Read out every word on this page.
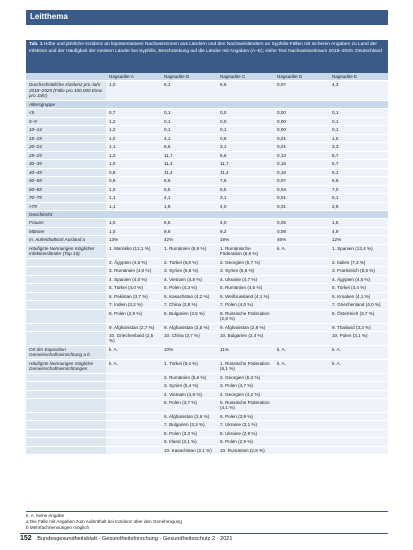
Leitthema
Tab. 1 Höhe und jährliche Inzidenz an lepräsentativen Nachweiszonen aus Ländern und den Nachweisländern an Syphilis-Fällen mit sicheren Angaben zu Land der Infektion und der Häufigkeit der meisten Länder bei Syphilis, Beschränkung auf die Länder mit Angaben (A–E); siehe Text Nachweiszeitraum 2018–2020, Deutschland
	Nagsadite A	Nagsadite B	Nagsadite C	Nagsadite D	Nagsadite E
Durchschnittliche Inzidenz pro Jahr 2018–2020 (Fälle pro 100.000 Einw. pro Jahr)	1,0	8,1	6,6	0,07	4,3
Altersgruppe					
<5	0,7	0,1	0,0	0,00	0,1
5–9	1,2	0,1	0,0	0,00	0,1
10–14	1,2	0,1	0,1	0,00	0,1
15–19	1,0	4,1	0,8	0,01	1,5
20–24	1,1	8,6	3,1	0,01	3,3
25–29	1,3	11,7	6,6	0,13	5,7
30–39	1,0	11,4	11,7	0,16	5,7
40–49	0,8	11,4	11,4	0,16	5,1
50–59	0,9	8,6	7,6	0,07	6,8
60–69	1,0	6,5	5,5	0,04	7,0
70–79	1,1	4,1	3,1	0,01	5,1
>79	1,1	1,9	4,0	0,01	2,9
Geschlecht					
Frauen	1,0	6,5	4,0	0,05	1,5
Männer	1,0	9,6	9,2	0,09	4,9
m. Aufenthaltsort Ausland a	13%	42%	19%	46%	12%
Häufigste Nennungen möglicher Infektionsländer (Top 10)	1. Marokko (12,1 %)	1. Rumänien (6,9 %)	1. Rumänische Föderation (6,6 %)	k. A.	1. Spanien (13,4 %)
	2. Ägypten (4,5 %)	2. Türkei (6,8 %)	2. Georgien (5,7 %)		2. Italien (7,3 %)
	3. Rumänien (4,0 %)	3. Syrien (6,6 %)	3. Syrien (5,6 %)		3. Frankreich (5,5 %)
	4. Spanien (4,0 %)	4. Vietnam (4,8 %)	4. Ukraine (4,7 %)		4. Ägypten (4,5 %)
	5. Türkei (4,0 %)	5. Polen (4,3 %)	5. Rumänien (4,5 %)		5. Türkei (4,4 %)
	6. Pakistan (3,7 %)	6. Kasachstan (4,2 %)	6. Weißrussland (4,1 %)		6. Kroatien (4,1 %)
	7. Indien (3,2 %)	7. China (3,8 %)	7. Polen (4,0 %)		7. Griechenland (4,0 %)
	8. Polen (2,9 %)	8. Bulgarien (3,5 %)	8. Russische Föderation (2,8 %)		8. Österreich (3,7 %)
	9. Afghanistan (2,7 %)	9. Afghanistan (3,5 %)	9. Afghanistan (2,8 %)		9. Thailand (3,3 %)
	10. Griechenland (2,5 %)	10. China (2,7 %)	10. Bulgarien (2,4 %)		10. Polen (3,1 %)
Ort der Exposition Gemeinschaftseinrichtung a b	k. A.	10%	11%	k. A.	k. A.
Häufigste Nennungen mögliche Gemeinschaftseinrichtungen	k. A.	1. Türkei (8,4 %)	1. Russische Föderation (6,1 %)	k. A.	k. A.
		2. Rumänien (6,6 %)	2. Georgien (5,3 %)		
		3. Syrien (5,4 %)	3. Polen (4,7 %)		
		4. Vietnam (4,8 %)	4. Georgien (4,2 %)		
		5. Polen (3,7 %)	5. Russische Föderation (4,1 %)		
		6. Afghanistan (3,6 %)	6. Polen (3,9 %)		
		7. Bulgarien (3,3 %)	7. Ukraine (3,1 %)		
		8. Polen (3,3 %)	8. Ukraine (2,9 %)		
		9. Irland (3,1 %)	9. Polen (2,9 %)		
		10. Kasachstan (2,1 %)	10. Rumänien (2,8 %)		
k. A. keine Angabe
a Die Fälle mit Angaben zum Aufenthalt bei Inzidenz über den Genehmigung
b Mehrfachnennungen möglich
152 Bundesgesundheitsblatt - Gesundheitsforschung - Gesundheitsschutz 2 · 2021
